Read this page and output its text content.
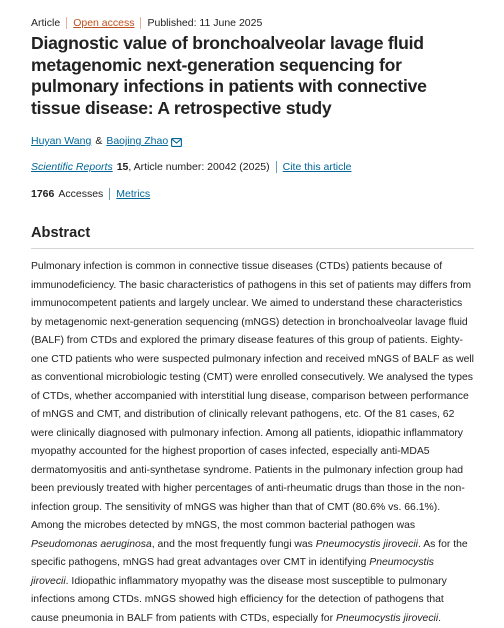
Article Open access Published: 11 June 2025
Diagnostic value of bronchoalveolar lavage fluid metagenomic next-generation sequencing for pulmonary infections in patients with connective tissue disease: A retrospective study
Huyan Wang & Baojing Zhao
Scientific Reports 15 , Article number: 20042 (2025) Cite this article
1766 Accesses Metrics
Abstract

Pulmonary infection is common in connective tissue diseases (CTDs) patients because of immunodeficiency. The basic characteristics of pathogens in this set of patients may differs from immunocompetent patients and largely unclear. We aimed to understand these characteristics by metagenomic next-generation sequencing (mNGS) detection in bronchoalveolar lavage fluid (BALF) from CTDs and explored the primary disease features of this group of patients. Eighty-one CTD patients who were suspected pulmonary infection and received mNGS of BALF as well as conventional microbiologic testing (CMT) were enrolled consecutively. We analysed the types of CTDs, whether accompanied with interstitial lung disease, comparison between performance of mNGS and CMT, and distribution of clinically relevant pathogens, etc. Of the 81 cases, 62 were clinically diagnosed with pulmonary infection. Among all patients, idiopathic inflammatory myopathy accounted for the highest proportion of cases infected, especially anti-MDA5 dermatomyositis and anti-synthetase syndrome. Patients in the pulmonary infection group had been previously treated with higher percentages of anti-rheumatic drugs than those in the non-infection group. The sensitivity of mNGS was higher than that of CMT (80.6% vs. 66.1%). Among the microbes detected by mNGS, the most common bacterial pathogen was Pseudomonas aeruginosa, and the most frequently fungi was Pneumocystis jirovecii. As for the specific pathogens, mNGS had great advantages over CMT in identifying Pneumocystis jirovecii. Idiopathic inflammatory myopathy was the disease most susceptible to pulmonary infections among CTDs. mNGS showed high efficiency for the detection of pathogens that cause pneumonia in BALF from patients with CTDs, especially for Pneumocystis jirovecii.
